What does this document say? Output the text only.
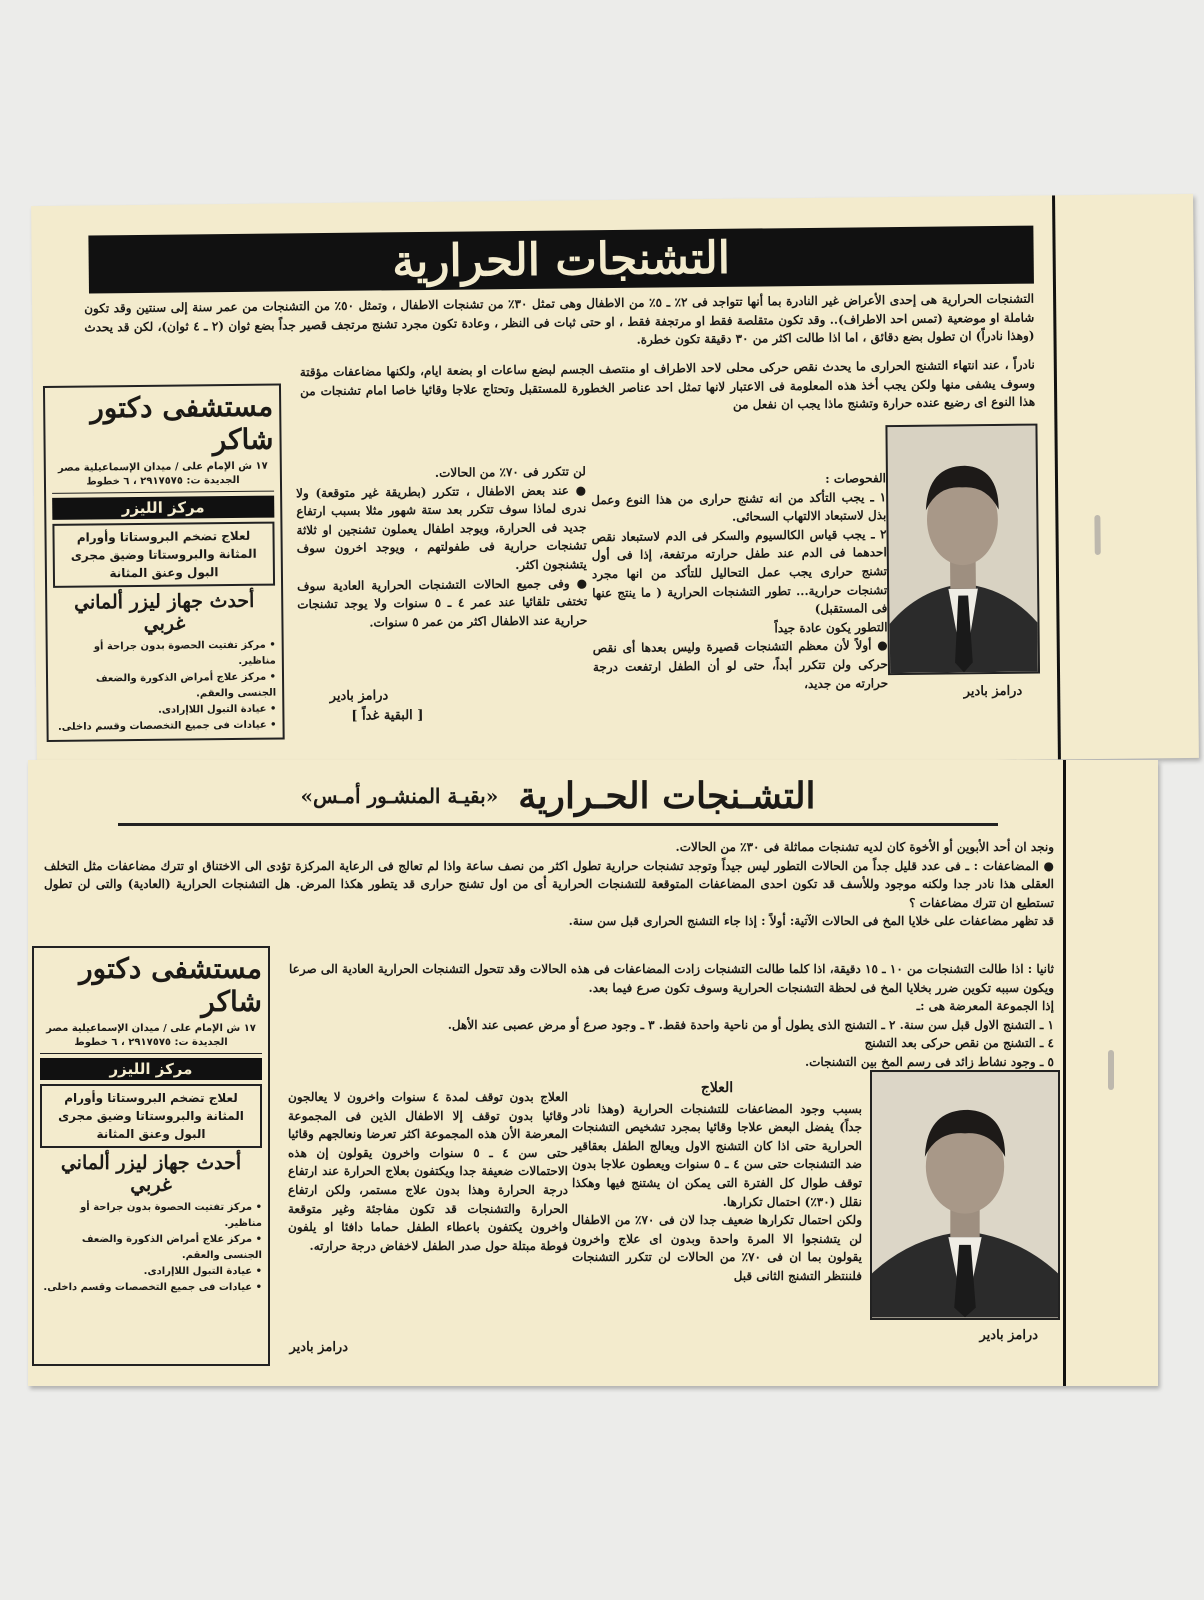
التشنجات الحرارية

التشنجات الحرارية هى إحدى الأعراض غير النادرة بما أنها تتواجد فى ٢٪ ـ ٥٪ من الاطفال وهى تمثل ٣٠٪ من تشنجات الاطفال ، وتمثل ٥٠٪ من التشنجات من عمر سنة إلى سنتين وقد تكون شاملة او موضعية (تمس احد الاطراف).. وقد تكون متقلصة فقط او مرتجفة فقط ، او حتى ثبات فى النظر ، وعادة تكون مجرد تشنج مرتجف قصير جداً بضع ثوان (٢ ـ ٤ ثوان)، لكن قد يحدث (وهذا نادراً) ان تطول بضع دقائق ، اما اذا طالت اكثر من ٣٠ دقيقة تكون خطرة.

نادراً ، عند انتهاء التشنج الحرارى ما يحدث نقص حركى محلى لاحد الاطراف او منتصف الجسم لبضع ساعات او بضعة ايام، ولكنها مضاعفات مؤقتة وسوف يشفى منها ولكن يجب أخذ هذه المعلومة فى الاعتبار لانها تمثل احد عناصر الخطورة للمستقبل وتحتاج علاجا وقائيا خاصا امام تشنجات من هذا النوع اى رضيع عنده حرارة وتشنج ماذا يجب ان نفعل من

درامز بادير

الفحوصات :
١ ـ يجب التأكد من انه تشنج حرارى من هذا النوع وعمل بذل لاستبعاد الالتهاب السحائى.
٢ ـ يجب قياس الكالسيوم والسكر فى الدم لاستبعاد نقص احدهما فى الدم عند طفل حرارته مرتفعة، إذا فى أول تشنج حرارى يجب عمل التحاليل للتأكد من انها مجرد تشنجات حرارية... تطور التشنجات الحرارية ( ما ينتج عنها فى المستقبل)
التطور يكون عادة جيداً
● أولاً لأن معظم التشنجات قصيرة وليس بعدها أى نقص حركى ولن تتكرر أبداً، حتى لو أن الطفل ارتفعت درجة حرارته من جديد،

لن تتكرر فى ٧٠٪ من الحالات.
● عند بعض الاطفال ، تتكرر (بطريقة غير متوقعة) ولا ندرى لماذا سوف تتكرر بعد ستة شهور مثلا بسبب ارتفاع جديد فى الحرارة، ويوجد اطفال يعملون تشنجين او ثلاثة تشنجات حرارية فى طفولتهم ، ويوجد اخرون سوف يتشنجون اكثر.
● وفى جميع الحالات التشنجات الحرارية العادية سوف تختفى تلقائيا عند عمر ٤ ـ ٥ سنوات ولا يوجد تشنجات حرارية عند الاطفال اكثر من عمر ٥ سنوات.

درامز بادير
[ البقية غداً ]
مستشفى دكتور شاكر
١٧ ش الإمام على / ميدان الإسماعيلية مصر الجديدة ت: ٢٩١٧٥٧٥ ، ٦ خطوط
مركز الليزر
لعلاج تضخم البروستاتا وأورام المثانة والبروستاتا وضيق مجرى البول وعنق المثانة
أحدث جهاز ليزر ألماني غربي
• مركز تفتيت الحصوة بدون جراحة أو مناظير.
• مركز علاج أمراض الذكورة والضعف الجنسى والعقم.
• عيادة التبول اللاإرادى.
• عيادات فى جميع التخصصات وقسم داخلى.
التشـنجات الحـرارية
«بقيـة المنشـور أمـس»

ونجد ان أحد الأبوين أو الأخوة كان لديه تشنجات مماثلة فى ٣٠٪ من الحالات.
● المضاعفات : ـ فى عدد قليل جداً من الحالات التطور ليس جيداً وتوجد تشنجات حرارية تطول اكثر من نصف ساعة واذا لم تعالج فى الرعاية المركزة تؤدى الى الاختناق او تترك مضاعفات مثل التخلف العقلى هذا نادر جدا ولكنه موجود وللأسف قد تكون احدى المضاعفات المتوقعة للتشنجات الحرارية أى من اول تشنج حرارى قد يتطور هكذا المرض. هل التشنجات الحرارية (العادية) والتى لن تطول تستطيع ان تترك مضاعفات ؟
قد تظهر مضاعفات على خلايا المخ فى الحالات الآتية: أولاً : إذا جاء التشنج الحرارى قبل سن سنة.

ثانيا : اذا طالت التشنجات من ١٠ ـ ١٥ دقيقة، اذا كلما طالت التشنجات زادت المضاعفات فى هذه الحالات وقد تتحول التشنجات الحرارية العادية الى صرعا ويكون سببه تكوين ضرر بخلايا المخ فى لحظة التشنجات الحرارية وسوف تكون صرع فيما بعد.
إذا الجموعة المعرضة هى :ـ
١ ـ التشنج الاول قبل سن سنة. ٢ ـ التشنج الذى يطول أو من ناحية واحدة فقط. ٣ ـ وجود صرع أو مرض عصبى عند الأهل.
٤ ـ التشنج من نقص حركى بعد التشنج
٥ ـ وجود نشاط زائد فى رسم المخ بين التشنجات.

درامز بادير
العلاج
بسبب وجود المضاعفات للتشنجات الحرارية (وهذا نادر جداً) يفضل البعض علاجا وقائيا بمجرد تشخيص التشنجات الحرارية حتى اذا كان التشنج الاول ويعالج الطفل بعقاقير ضد التشنجات حتى سن ٤ ـ ٥ سنوات ويعطون علاجا بدون توقف طوال كل الفترة التى يمكن ان يشتنج فيها وهكذا نقلل (٣٠٪) احتمال تكرارها.
ولكن احتمال تكرارها ضعيف جدا لان فى ٧٠٪ من الاطفال لن يتشنجوا الا المرة واحدة وبدون اى علاج واخرون يقولون بما ان فى ٧٠٪ من الحالات لن تتكرر التشنجات فلننتظر التشنج الثانى قبل

العلاج بدون توقف لمدة ٤ سنوات واخرون لا يعالجون وقائيا بدون توقف إلا الاطفال الذين فى المجموعة المعرضة الأن هذه المجموعة اكثر تعرضا ونعالجهم وقائيا حتى سن ٤ ـ ٥ سنوات واخرون يقولون إن هذه الاحتمالات ضعيفة جدا ويكتفون بعلاج الحرارة عند ارتفاع درجة الحرارة وهذا بدون علاج مستمر، ولكن ارتفاع الحرارة والتشنجات قد تكون مفاجئة وغير متوقعة واخرون يكتفون باعطاء الطفل حماما دافئا او يلفون فوطة مبتلة حول صدر الطفل لاخفاض درجة حرارته.

درامز بادير
مستشفى دكتور شاكر
١٧ ش الإمام على / ميدان الإسماعيلية مصر الجديدة ت: ٢٩١٧٥٧٥ ، ٦ خطوط
مركز الليزر
لعلاج تضخم البروستاتا وأورام المثانة والبروستاتا وضيق مجرى البول وعنق المثانة
أحدث جهاز ليزر ألماني غربي
• مركز تفتيت الحصوة بدون جراحة أو مناظير.
• مركز علاج أمراض الذكورة والضعف الجنسى والعقم.
• عيادة التبول اللاإرادى.
• عيادات فى جميع التخصصات وقسم داخلى.
